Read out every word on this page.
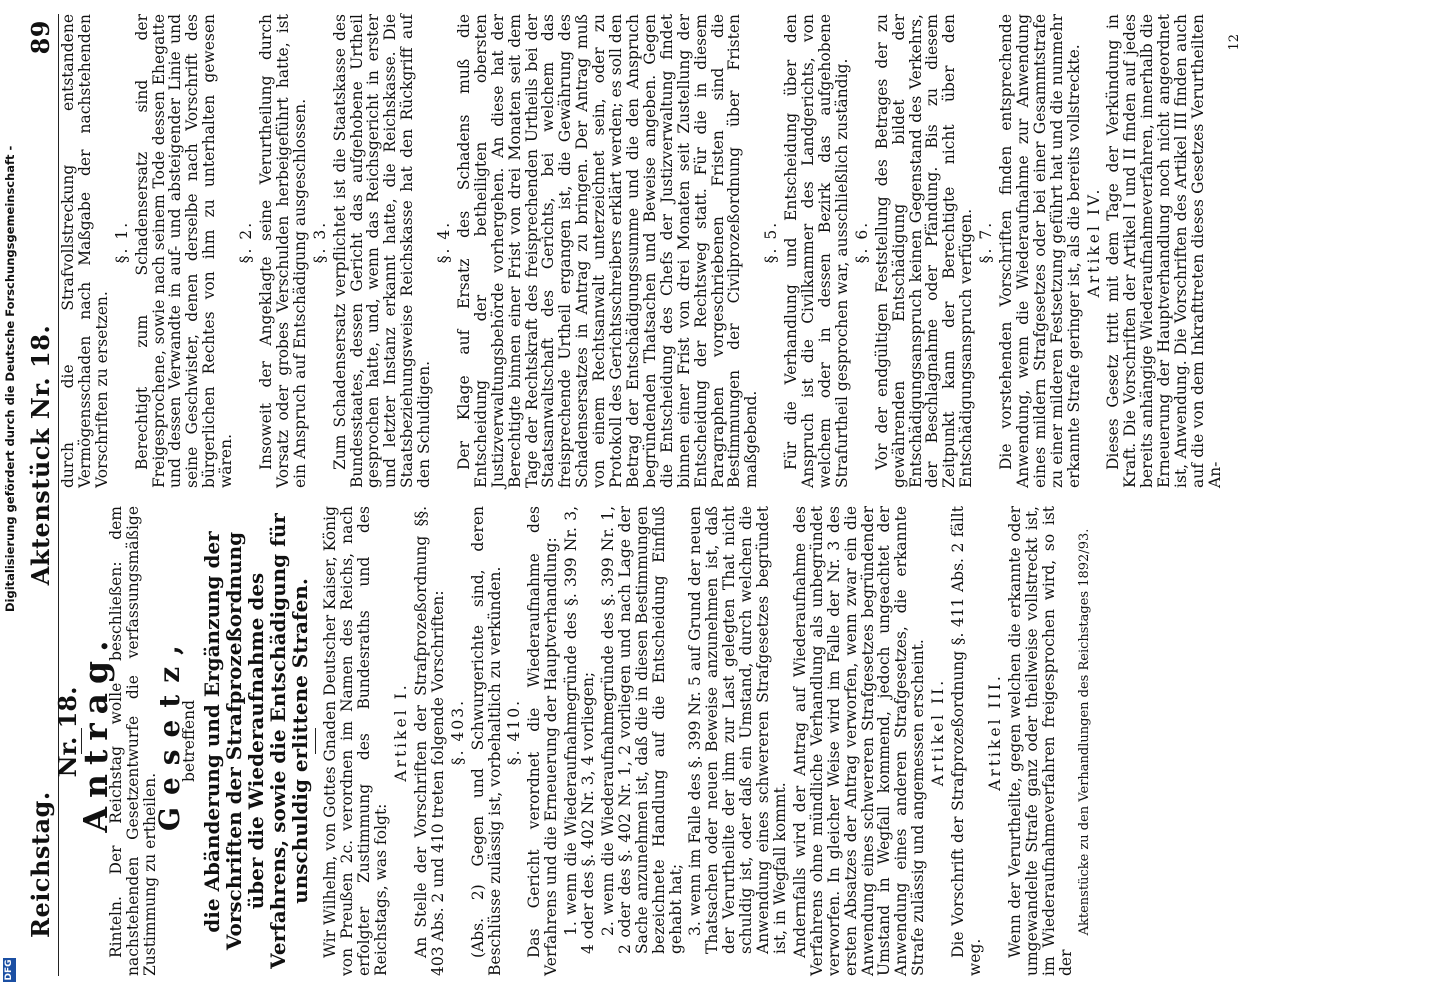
Digitalisierung gefördert durch die Deutsche Forschungsgemeinschaft -
DFG
Reichstag.
Aktenstück Nr. 18.
89

Nr. 18.

Antrag.

Rinteln. Der Reichstag wolle beschließen: dem nachstehenden Gesetzentwurfe die verfassungsmäßige Zustimmung zu ertheilen.

Gesetz,

betreffend die Abänderung und Ergänzung der Vorschriften der Strafprozeßordnung über die Wiederaufnahme des Verfahrens, sowie die Entschädigung für unschuldig erlittene Strafen. Wir Wilhelm, von Gottes Gnaden Deutscher Kaiser, König von Preußen 2c. verordnen im Namen des Reichs, nach erfolgter Zustimmung des Bundesraths und des Reichstags, was folgt:

Artikel I. An Stelle der Vorschriften der Strafprozeßordnung §§. 403 Abs. 2 und 410 treten folgende Vorschriften: §. 403. (Abs. 2) Gegen und Schwurgerichte sind, deren Beschlüsse zulässig ist, vorbehaltlich zu verkünden. §. 410. Das Gericht verordnet die Wiederaufnahme des Verfahrens und die Erneuerung der Hauptverhandlung: 1. wenn die Wiederaufnahmegründe des §. 399 Nr. 3, 4 oder des §. 402 Nr. 3, 4 vorliegen; 2. wenn die Wiederaufnahmegründe des §. 399 Nr. 1, 2 oder des §. 402 Nr. 1, 2 vorliegen und nach Lage der Sache anzunehmen ist, daß die in diesen Bestimmungen bezeichnete Handlung auf die Entscheidung Einfluß gehabt hat; 3. wenn im Falle des §. 399 Nr. 5 auf Grund der neuen Thatsachen oder neuen Beweise anzunehmen ist, daß der Verurtheilte der ihm zur Last gelegten That nicht schuldig ist, oder daß ein Umstand, durch welchen die Anwendung eines schwereren Strafgesetzes begründet ist, in Wegfall kommt. Andernfalls wird der Antrag auf Wiederaufnahme des Verfahrens ohne mündliche Verhandlung als unbegründet verworfen. In gleicher Weise wird im Falle der Nr. 3 des ersten Absatzes der Antrag verworfen, wenn zwar ein die Anwendung eines schwereren Strafgesetzes begründender Umstand in Wegfall kommend, jedoch ungeachtet der Anwendung eines anderen Strafgesetzes, die erkannte Strafe zulässig und angemessen erscheint. Artikel II. Die Vorschrift der Strafprozeßordnung §. 411 Abs. 2 fällt weg.

Artikel III. Wenn der Verurtheilte, gegen welchen die erkannte oder umgewandelte Strafe ganz oder theilweise vollstreckt ist, im Wiederaufnahmeverfahren freigesprochen wird, so ist der

Aktenstücke zu den Verhandlungen des Reichstages 1892/93.

durch die Strafvollstreckung entstandene Vermögensschaden nach Maßgabe der nachstehenden Vorschriften zu ersetzen.

§. 1. Berechtigt zum Schadensersatz sind der Freigesprochene, sowie nach seinem Tode dessen Ehegatte und dessen Verwandte in auf- und absteigender Linie und seine Geschwister, denen derselbe nach Vorschrift des bürgerlichen Rechtes von ihm zu unterhalten gewesen wären.

§. 2. Insoweit der Angeklagte seine Verurtheilung durch Vorsatz oder grobes Verschulden herbeigeführt hatte, ist ein Anspruch auf Entschädigung ausgeschlossen. §. 3. Zum Schadensersatz verpflichtet ist die Staatskasse des Bundesstaates, dessen Gericht das aufgehobene Urtheil gesprochen hatte, und, wenn das Reichsgericht in erster und letzter Instanz erkannt hatte, die Reichskasse. Die Staatsbeziehungsweise Reichskasse hat den Rückgriff auf den Schuldigen.

§. 4. Der Klage auf Ersatz des Schadens muß die Entscheidung der betheiligten obersten Justizverwaltungsbehörde vorhergehen. An diese hat der Berechtigte binnen einer Frist von drei Monaten seit dem Tage der Rechtskraft des freisprechenden Urtheils bei der Staatsanwaltschaft des Gerichts, bei welchem das freisprechende Urtheil ergangen ist, die Gewährung des Schadensersatzes in Antrag zu bringen. Der Antrag muß von einem Rechtsanwalt unterzeichnet sein, oder zu Protokoll des Gerichtsschreibers erklärt werden; es soll den Betrag der Entschädigungssumme und die den Anspruch begründenden Thatsachen und Beweise angeben. Gegen die Entscheidung des Chefs der Justizverwaltung findet binnen einer Frist von drei Monaten seit Zustellung der Entscheidung der Rechtsweg statt. Für die in diesem Paragraphen vorgeschriebenen Fristen sind die Bestimmungen der Civilprozeßordnung über Fristen maßgebend.

§. 5. Für die Verhandlung und Entscheidung über den Anspruch ist die Civilkammer des Landgerichts, von welchem oder in dessen Bezirk das aufgehobene Strafurtheil gesprochen war, ausschließlich zuständig. §. 6. Vor der endgültigen Feststellung des Betrages der zu gewährenden Entschädigung bildet der Entschädigungsanspruch keinen Gegenstand des Verkehrs, der Beschlagnahme oder Pfändung. Bis zu diesem Zeitpunkt kann der Berechtigte nicht über den Entschädigungsanspruch verfügen. §. 7. Die vorstehenden Vorschriften finden entsprechende Anwendung, wenn die Wiederaufnahme zur Anwendung eines mildern Strafgesetzes oder bei einer Gesammtstrafe zu einer milderen Festsetzung geführt hat und die nunmehr erkannte Strafe geringer ist, als die bereits vollstreckte. Artikel IV. Dieses Gesetz tritt mit dem Tage der Verkündung in Kraft. Die Vorschriften der Artikel I und II finden auf jedes bereits anhängige Wiederaufnahmeverfahren, innerhalb die Erneuerung der Hauptverhandlung noch nicht angeordnet ist, Anwendung. Die Vorschriften des Artikel III finden auch auf die von dem Inkrafttreten dieses Gesetzes Verurtheilten An-

12
